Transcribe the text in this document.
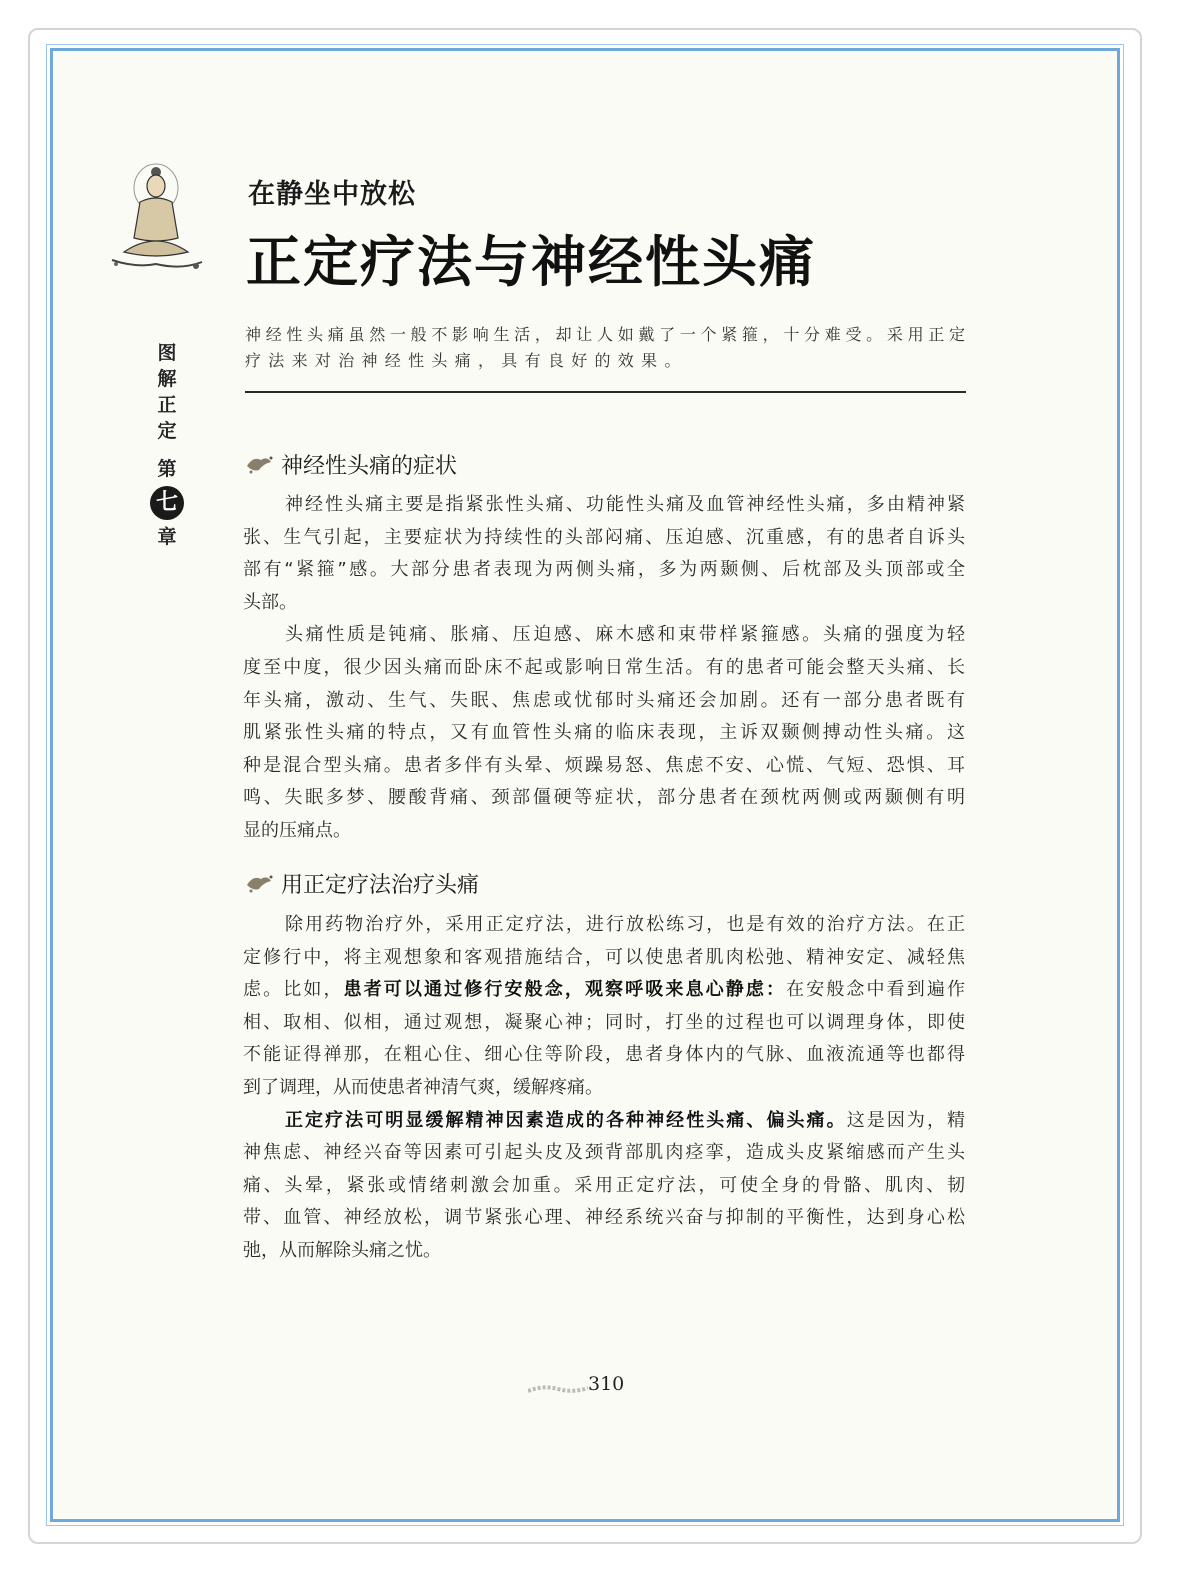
在静坐中放松
正定疗法与神经性头痛
神经性头痛虽然一般不影响生活，却让人如戴了一个紧箍，十分难受。采用正定
疗法来对治神经性头痛，具有良好的效果。
图
解
正
定
第
七
章
神经性头痛的症状
神经性头痛主要是指紧张性头痛、功能性头痛及血管神经性头痛，多由精神紧
张、生气引起，主要症状为持续性的头部闷痛、压迫感、沉重感，有的患者自诉头
部有“紧箍”感。大部分患者表现为两侧头痛，多为两颞侧、后枕部及头顶部或全
头部。
头痛性质是钝痛、胀痛、压迫感、麻木感和束带样紧箍感。头痛的强度为轻
度至中度，很少因头痛而卧床不起或影响日常生活。有的患者可能会整天头痛、长
年头痛，激动、生气、失眠、焦虑或忧郁时头痛还会加剧。还有一部分患者既有
肌紧张性头痛的特点，又有血管性头痛的临床表现，主诉双颞侧搏动性头痛。这
种是混合型头痛。患者多伴有头晕、烦躁易怒、焦虑不安、心慌、气短、恐惧、耳
鸣、失眠多梦、腰酸背痛、颈部僵硬等症状，部分患者在颈枕两侧或两颞侧有明
显的压痛点。
用正定疗法治疗头痛
除用药物治疗外，采用正定疗法，进行放松练习，也是有效的治疗方法。在正
定修行中，将主观想象和客观措施结合，可以使患者肌肉松弛、精神安定、减轻焦
虑。比如，患者可以通过修行安般念，观察呼吸来息心静虑：在安般念中看到遍作
相、取相、似相，通过观想，凝聚心神；同时，打坐的过程也可以调理身体，即使
不能证得禅那，在粗心住、细心住等阶段，患者身体内的气脉、血液流通等也都得
到了调理，从而使患者神清气爽，缓解疼痛。
正定疗法可明显缓解精神因素造成的各种神经性头痛、偏头痛。这是因为，精
神焦虑、神经兴奋等因素可引起头皮及颈背部肌肉痉挛，造成头皮紧缩感而产生头
痛、头晕，紧张或情绪刺激会加重。采用正定疗法，可使全身的骨骼、肌肉、韧
带、血管、神经放松，调节紧张心理、神经系统兴奋与抑制的平衡性，达到身心松
弛，从而解除头痛之忧。
310
